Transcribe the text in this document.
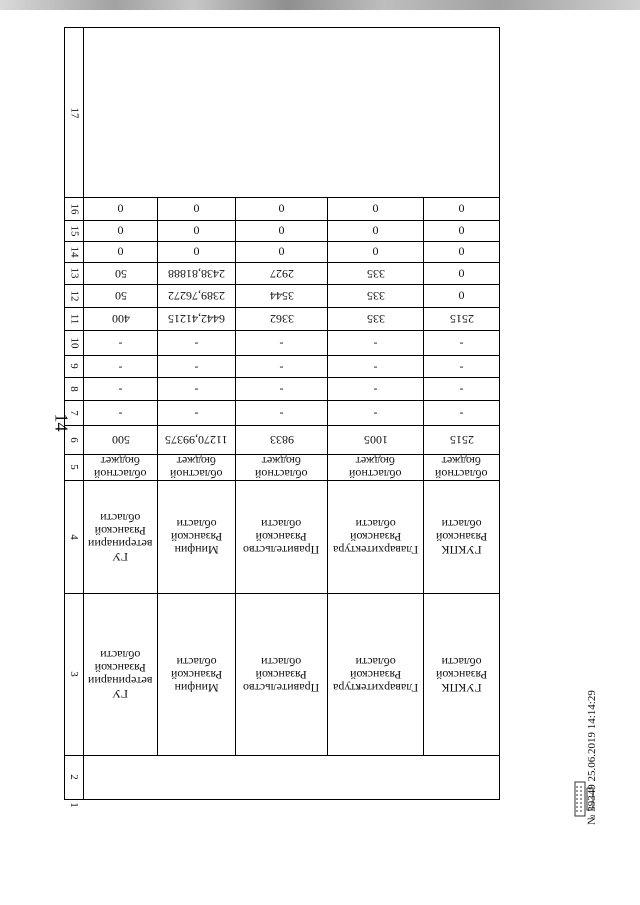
14
№ 39349 25.06.2019 14:14:29
17
16
15
14
13
12
11
10
9
8
7
6
5
4
3
2
1
0
0
0
50
50
400
-
-
-
-
500
областной
бюджет
ГУ
ветеринарии
Рязанской
области
ГУ
ветеринарии
Рязанской
области
0
0
0
2438,81888
2389,76272
6442,41215
-
-
-
-
11270,99375
областной
бюджет
Минфин
Рязанской
области
Минфин
Рязанской
области
0
0
0
2927
3544
3362
-
-
-
-
9833
областной
бюджет
Правительство
Рязанской
области
Правительство
Рязанской
области
0
0
0
335
335
335
-
-
-
-
1005
областной
бюджет
Главархитектура
Рязанской
области
Главархитектура
Рязанской
области
0
0
0
0
0
2515
-
-
-
-
2515
областной
бюджет
ГУКПК
Рязанской
области
ГУКПК
Рязанской
области
